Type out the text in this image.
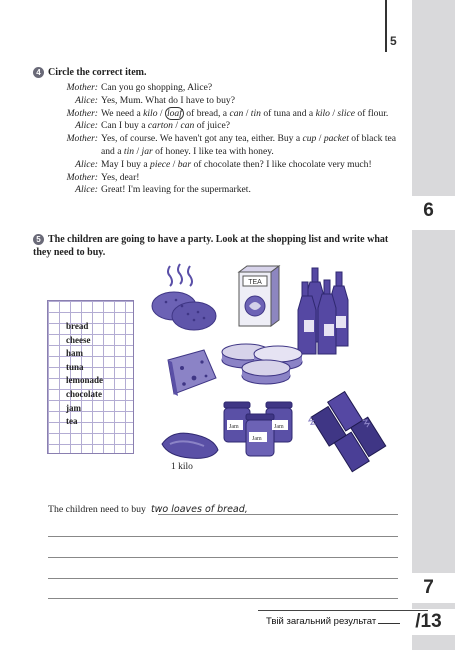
6
7
/13
5
4 Circle the correct item.
Mother: Can you go shopping, Alice?
Alice: Yes, Mum. What do I have to buy?
Mother: We need a kilo / loaf of bread, a can / tin of tuna and a kilo / slice of flour.
Alice: Can I buy a carton / can of juice?
Mother: Yes, of course. We haven't got any tea, either. Buy a cup / packet of black tea and a tin / jar of honey. I like tea with honey.
Alice: May I buy a piece / bar of chocolate then? I like chocolate very much!
Mother: Yes, dear!
Alice: Great! I'm leaving for the supermarket.
5 The children are going to have a party. Look at the shopping list and write what they need to buy.
bread
cheese
ham
tuna
lemonade
chocolate
jam
tea
TEA
Jam
Jam
Jam
1 kilo
The children need to buy two loaves of bread,
Твій загальний результат
